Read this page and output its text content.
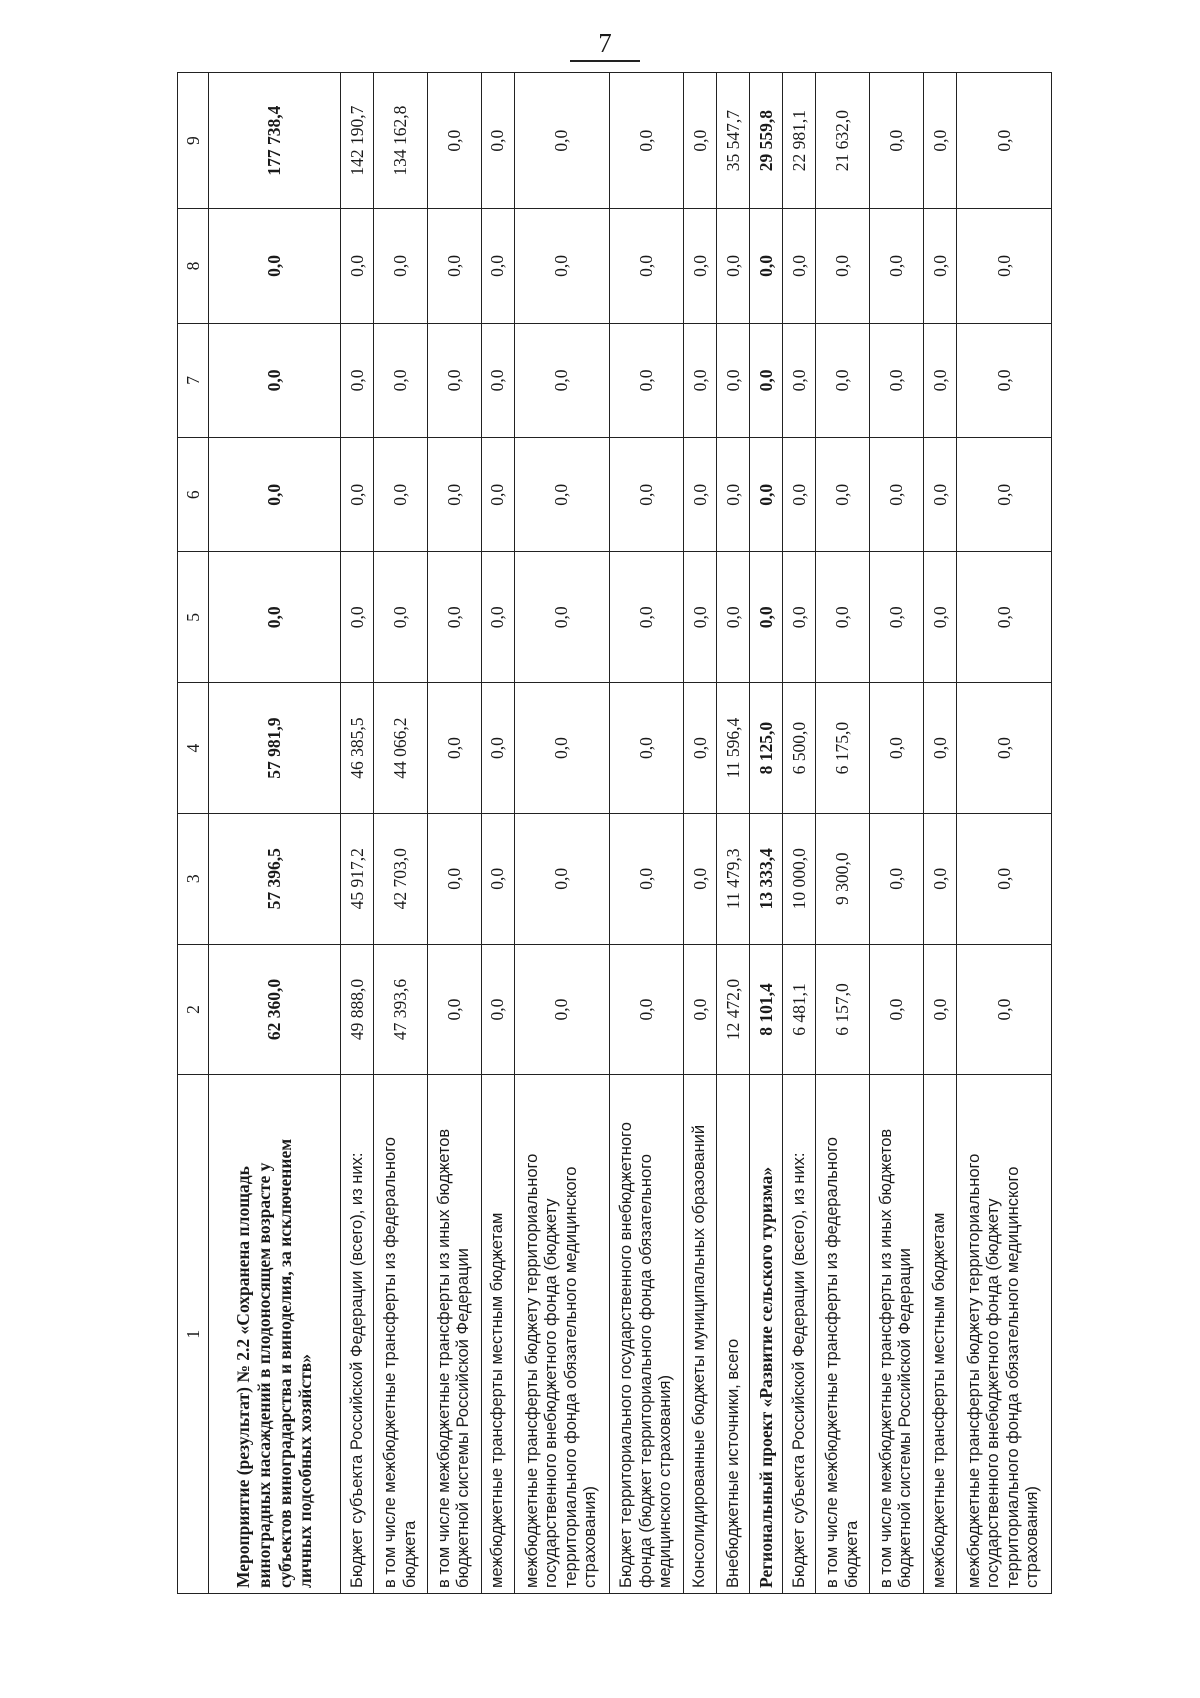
7
1	2	3	4	5	6	7	8	9
Мероприятие (результат) № 2.2 «Сохранена площадь виноградных насаждений в плодоносящем возрасте у субъектов виноградарства и виноделия, за исключением личных подсобных хозяйств»	62 360,0	57 396,5	57 981,9	0,0	0,0	0,0	0,0	177 738,4
Бюджет субъекта Российской Федерации (всего), из них:	49 888,0	45 917,2	46 385,5	0,0	0,0	0,0	0,0	142 190,7
в том числе межбюджетные трансферты из федерального бюджета	47 393,6	42 703,0	44 066,2	0,0	0,0	0,0	0,0	134 162,8
в том числе межбюджетные трансферты из иных бюджетов бюджетной системы Российской Федерации	0,0	0,0	0,0	0,0	0,0	0,0	0,0	0,0
межбюджетные трансферты местным бюджетам	0,0	0,0	0,0	0,0	0,0	0,0	0,0	0,0
межбюджетные трансферты бюджету территориального государственного внебюджетного фонда (бюджету территориального фонда обязательного медицинского страхования)	0,0	0,0	0,0	0,0	0,0	0,0	0,0	0,0
Бюджет территориального государственного внебюджетного фонда (бюджет территориального фонда обязательного медицинского страхования)	0,0	0,0	0,0	0,0	0,0	0,0	0,0	0,0
Консолидированные бюджеты муниципальных образований	0,0	0,0	0,0	0,0	0,0	0,0	0,0	0,0
Внебюджетные источники, всего	12 472,0	11 479,3	11 596,4	0,0	0,0	0,0	0,0	35 547,7
Региональный проект «Развитие сельского туризма»	8 101,4	13 333,4	8 125,0	0,0	0,0	0,0	0,0	29 559,8
Бюджет субъекта Российской Федерации (всего), из них:	6 481,1	10 000,0	6 500,0	0,0	0,0	0,0	0,0	22 981,1
в том числе межбюджетные трансферты из федерального бюджета	6 157,0	9 300,0	6 175,0	0,0	0,0	0,0	0,0	21 632,0
в том числе межбюджетные трансферты из иных бюджетов бюджетной системы Российской Федерации	0,0	0,0	0,0	0,0	0,0	0,0	0,0	0,0
межбюджетные трансферты местным бюджетам	0,0	0,0	0,0	0,0	0,0	0,0	0,0	0,0
межбюджетные трансферты бюджету территориального государственного внебюджетного фонда (бюджету территориального фонда обязательного медицинского страхования)	0,0	0,0	0,0	0,0	0,0	0,0	0,0	0,0
